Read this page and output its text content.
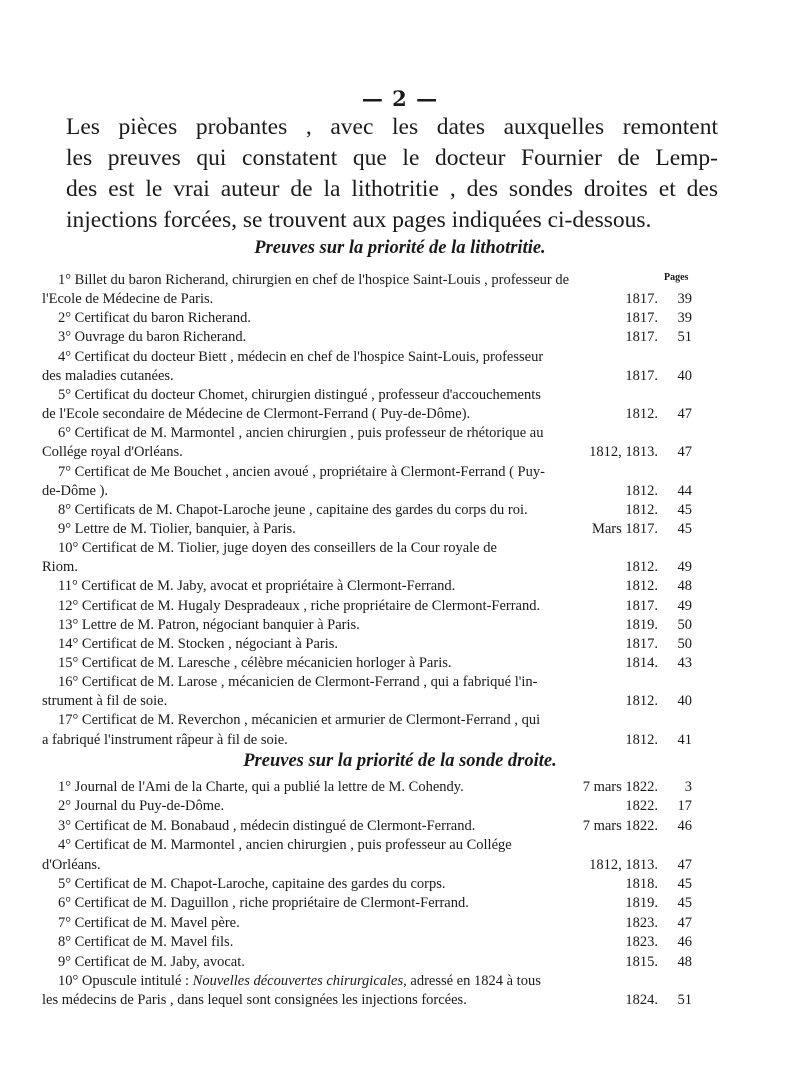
— 2 —
Les pièces probantes , avec les dates auxquelles remontent
les preuves qui constatent que le docteur Fournier de Lemp-
des est le vrai auteur de la lithotritie , des sondes droites et des
injections forcées, se trouvent aux pages indiquées ci-dessous.
Preuves sur la priorité de la lithotritie.
Pages
1° Billet du baron Richerand, chirurgien en chef de l'hospice Saint-Louis , professeur de
l'Ecole de Médecine de Paris.	1817.	39
2° Certificat du baron Richerand.	1817.	39
3° Ouvrage du baron Richerand.	1817.	51
4° Certificat du docteur Biett , médecin en chef de l'hospice Saint-Louis, professeur
des maladies cutanées.	1817.	40
5° Certificat du docteur Chomet, chirurgien distingué , professeur d'accouchements
de l'Ecole secondaire de Médecine de Clermont-Ferrand ( Puy-de-Dôme).	1812.	47
6° Certificat de M. Marmontel , ancien chirurgien , puis professeur de rhétorique au
Collége royal d'Orléans.	1812, 1813.	47
7° Certificat de Me Bouchet , ancien avoué , propriétaire à Clermont-Ferrand ( Puy-
de-Dôme ).	1812.	44
8° Certificats de M. Chapot-Laroche jeune , capitaine des gardes du corps du roi.	1812.	45
9° Lettre de M. Tiolier, banquier, à Paris.	Mars 1817.	45
10° Certificat de M. Tiolier, juge doyen des conseillers de la Cour royale de
Riom.	1812.	49
11° Certificat de M. Jaby, avocat et propriétaire à Clermont-Ferrand.	1812.	48
12° Certificat de M. Hugaly Despradeaux , riche propriétaire de Clermont-Ferrand.	1817.	49
13° Lettre de M. Patron, négociant banquier à Paris.	1819.	50
14° Certificat de M. Stocken , négociant à Paris.	1817.	50
15° Certificat de M. Laresche , célèbre mécanicien horloger à Paris.	1814.	43
16° Certificat de M. Larose , mécanicien de Clermont-Ferrand , qui a fabriqué l'in-
strument à fil de soie.	1812.	40
17° Certificat de M. Reverchon , mécanicien et armurier de Clermont-Ferrand , qui
a fabriqué l'instrument râpeur à fil de soie.	1812.	41
Preuves sur la priorité de la sonde droite.
1° Journal de l'Ami de la Charte, qui a publié la lettre de M. Cohendy.	7 mars 1822.	3
2° Journal du Puy-de-Dôme.	1822.	17
3° Certificat de M. Bonabaud , médecin distingué de Clermont-Ferrand.	7 mars 1822.	46
4° Certificat de M. Marmontel , ancien chirurgien , puis professeur au Collége
d'Orléans.	1812, 1813.	47
5° Certificat de M. Chapot-Laroche, capitaine des gardes du corps.	1818.	45
6° Certificat de M. Daguillon , riche propriétaire de Clermont-Ferrand.	1819.	45
7° Certificat de M. Mavel père.	1823.	47
8° Certificat de M. Mavel fils.	1823.	46
9° Certificat de M. Jaby, avocat.	1815.	48
10° Opuscule intitulé : Nouvelles découvertes chirurgicales, adressé en 1824 à tous
les médecins de Paris , dans lequel sont consignées les injections forcées.	1824.	51
